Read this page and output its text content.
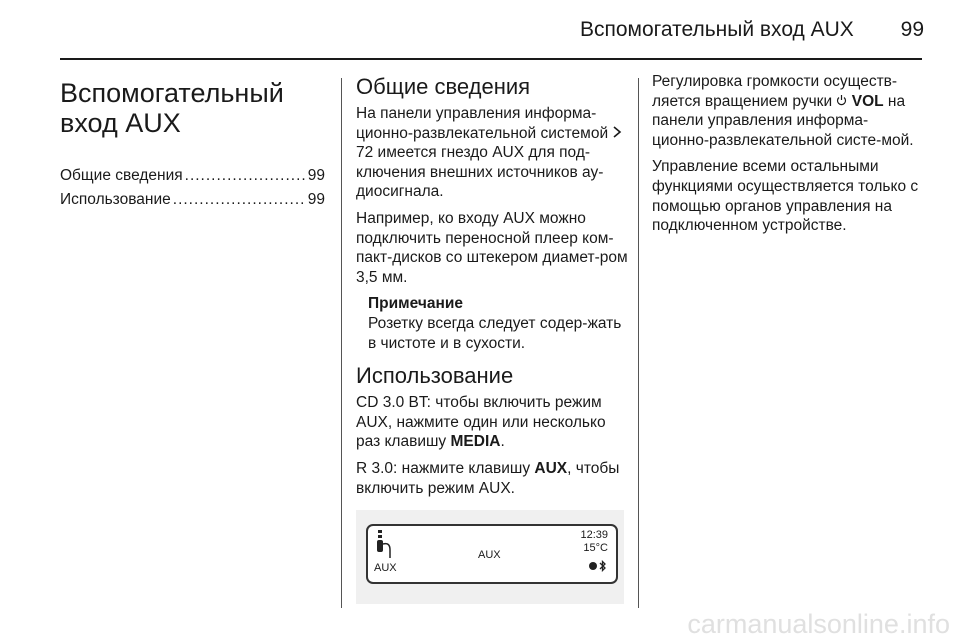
Вспомогательный вход AUX 99
Вспомогательный
вход AUX
Общие сведения .....	99
Использование .....	99
Общие сведения

На панели управления информа-ционно-развлекательной системой  72 имеется гнездо AUX для под-ключения внешних источников ау-диосигнала.

Например, ко входу AUX можно подключить переносной плеер ком-пакт-дисков со штекером диамет-ром 3,5 мм.

Примечание
Розетку всегда следует содер-жать в чистоте и в сухости.
Использование

CD 3.0 BT: чтобы включить режим AUX, нажмите один или несколько раз клавишу MEDIA.

R 3.0: нажмите клавишу AUX, чтобы включить режим AUX.

AUX
AUX
12:39
15°C

Регулировка громкости осуществ-ляется вращением ручки VOL на панели управления информа-ционно-развлекательной систе-мой.

Управление всеми остальными функциями осуществляется только с помощью органов управления на подключенном устройстве.

carmanualsonline.info
